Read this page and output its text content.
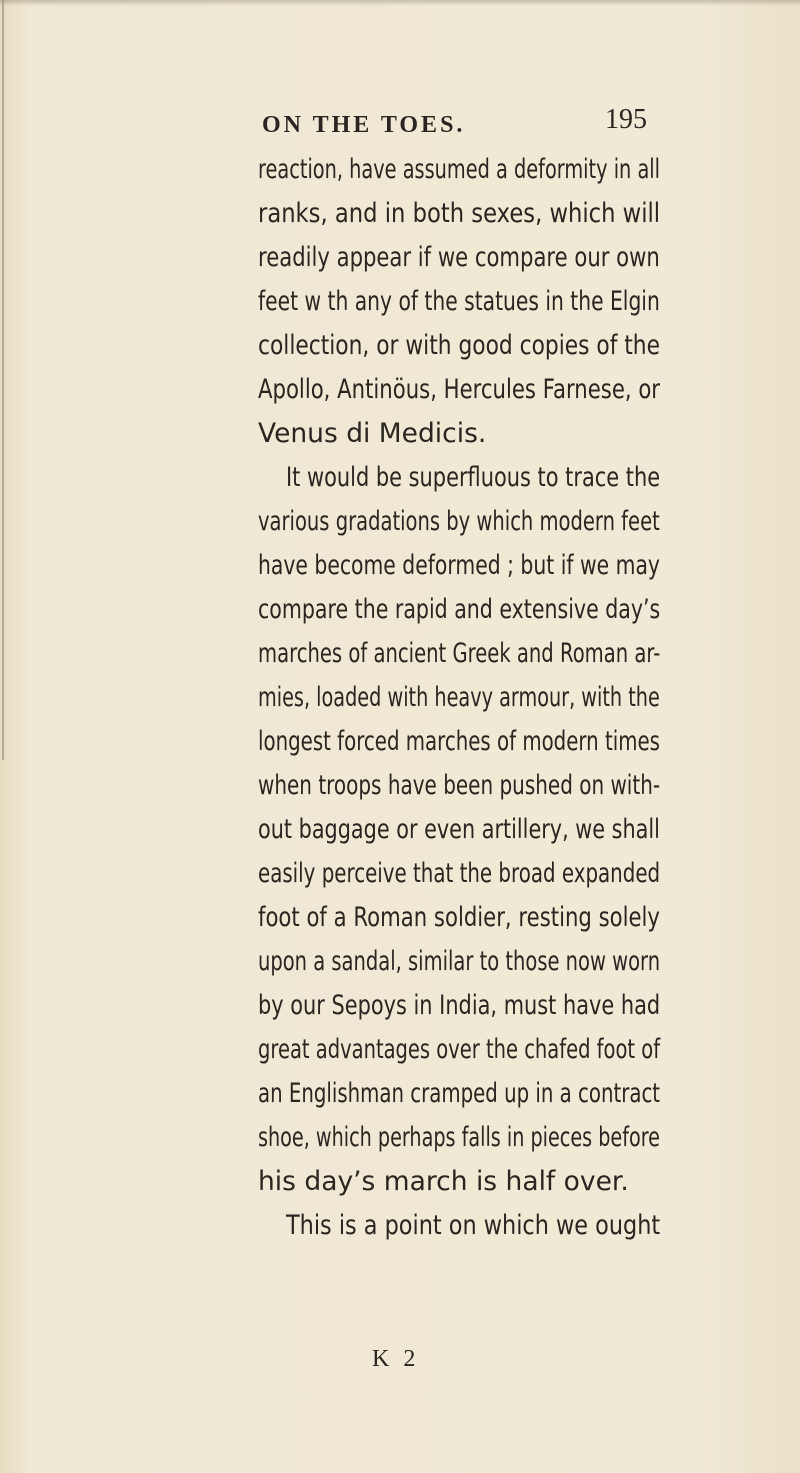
ON THE TOES.	195
reaction, have assumed a deformity in all
ranks, and in both sexes, which will
readily appear if we compare our own
feet w th any of the statues in the Elgin
collection, or with good copies of the
Apollo, Antinöus, Hercules Farnese, or
Venus di Medicis.
It would be superfluous to trace the
various gradations by which modern feet
have become deformed ; but if we may
compare the rapid and extensive day’s
marches of ancient Greek and Roman ar-
mies, loaded with heavy armour, with the
longest forced marches of modern times
when troops have been pushed on with-
out baggage or even artillery, we shall
easily perceive that the broad expanded
foot of a Roman soldier, resting solely
upon a sandal, similar to those now worn
by our Sepoys in India, must have had
great advantages over the chafed foot of
an Englishman cramped up in a contract
shoe, which perhaps falls in pieces before
his day’s march is half over.
This is a point on which we ought
K 2
